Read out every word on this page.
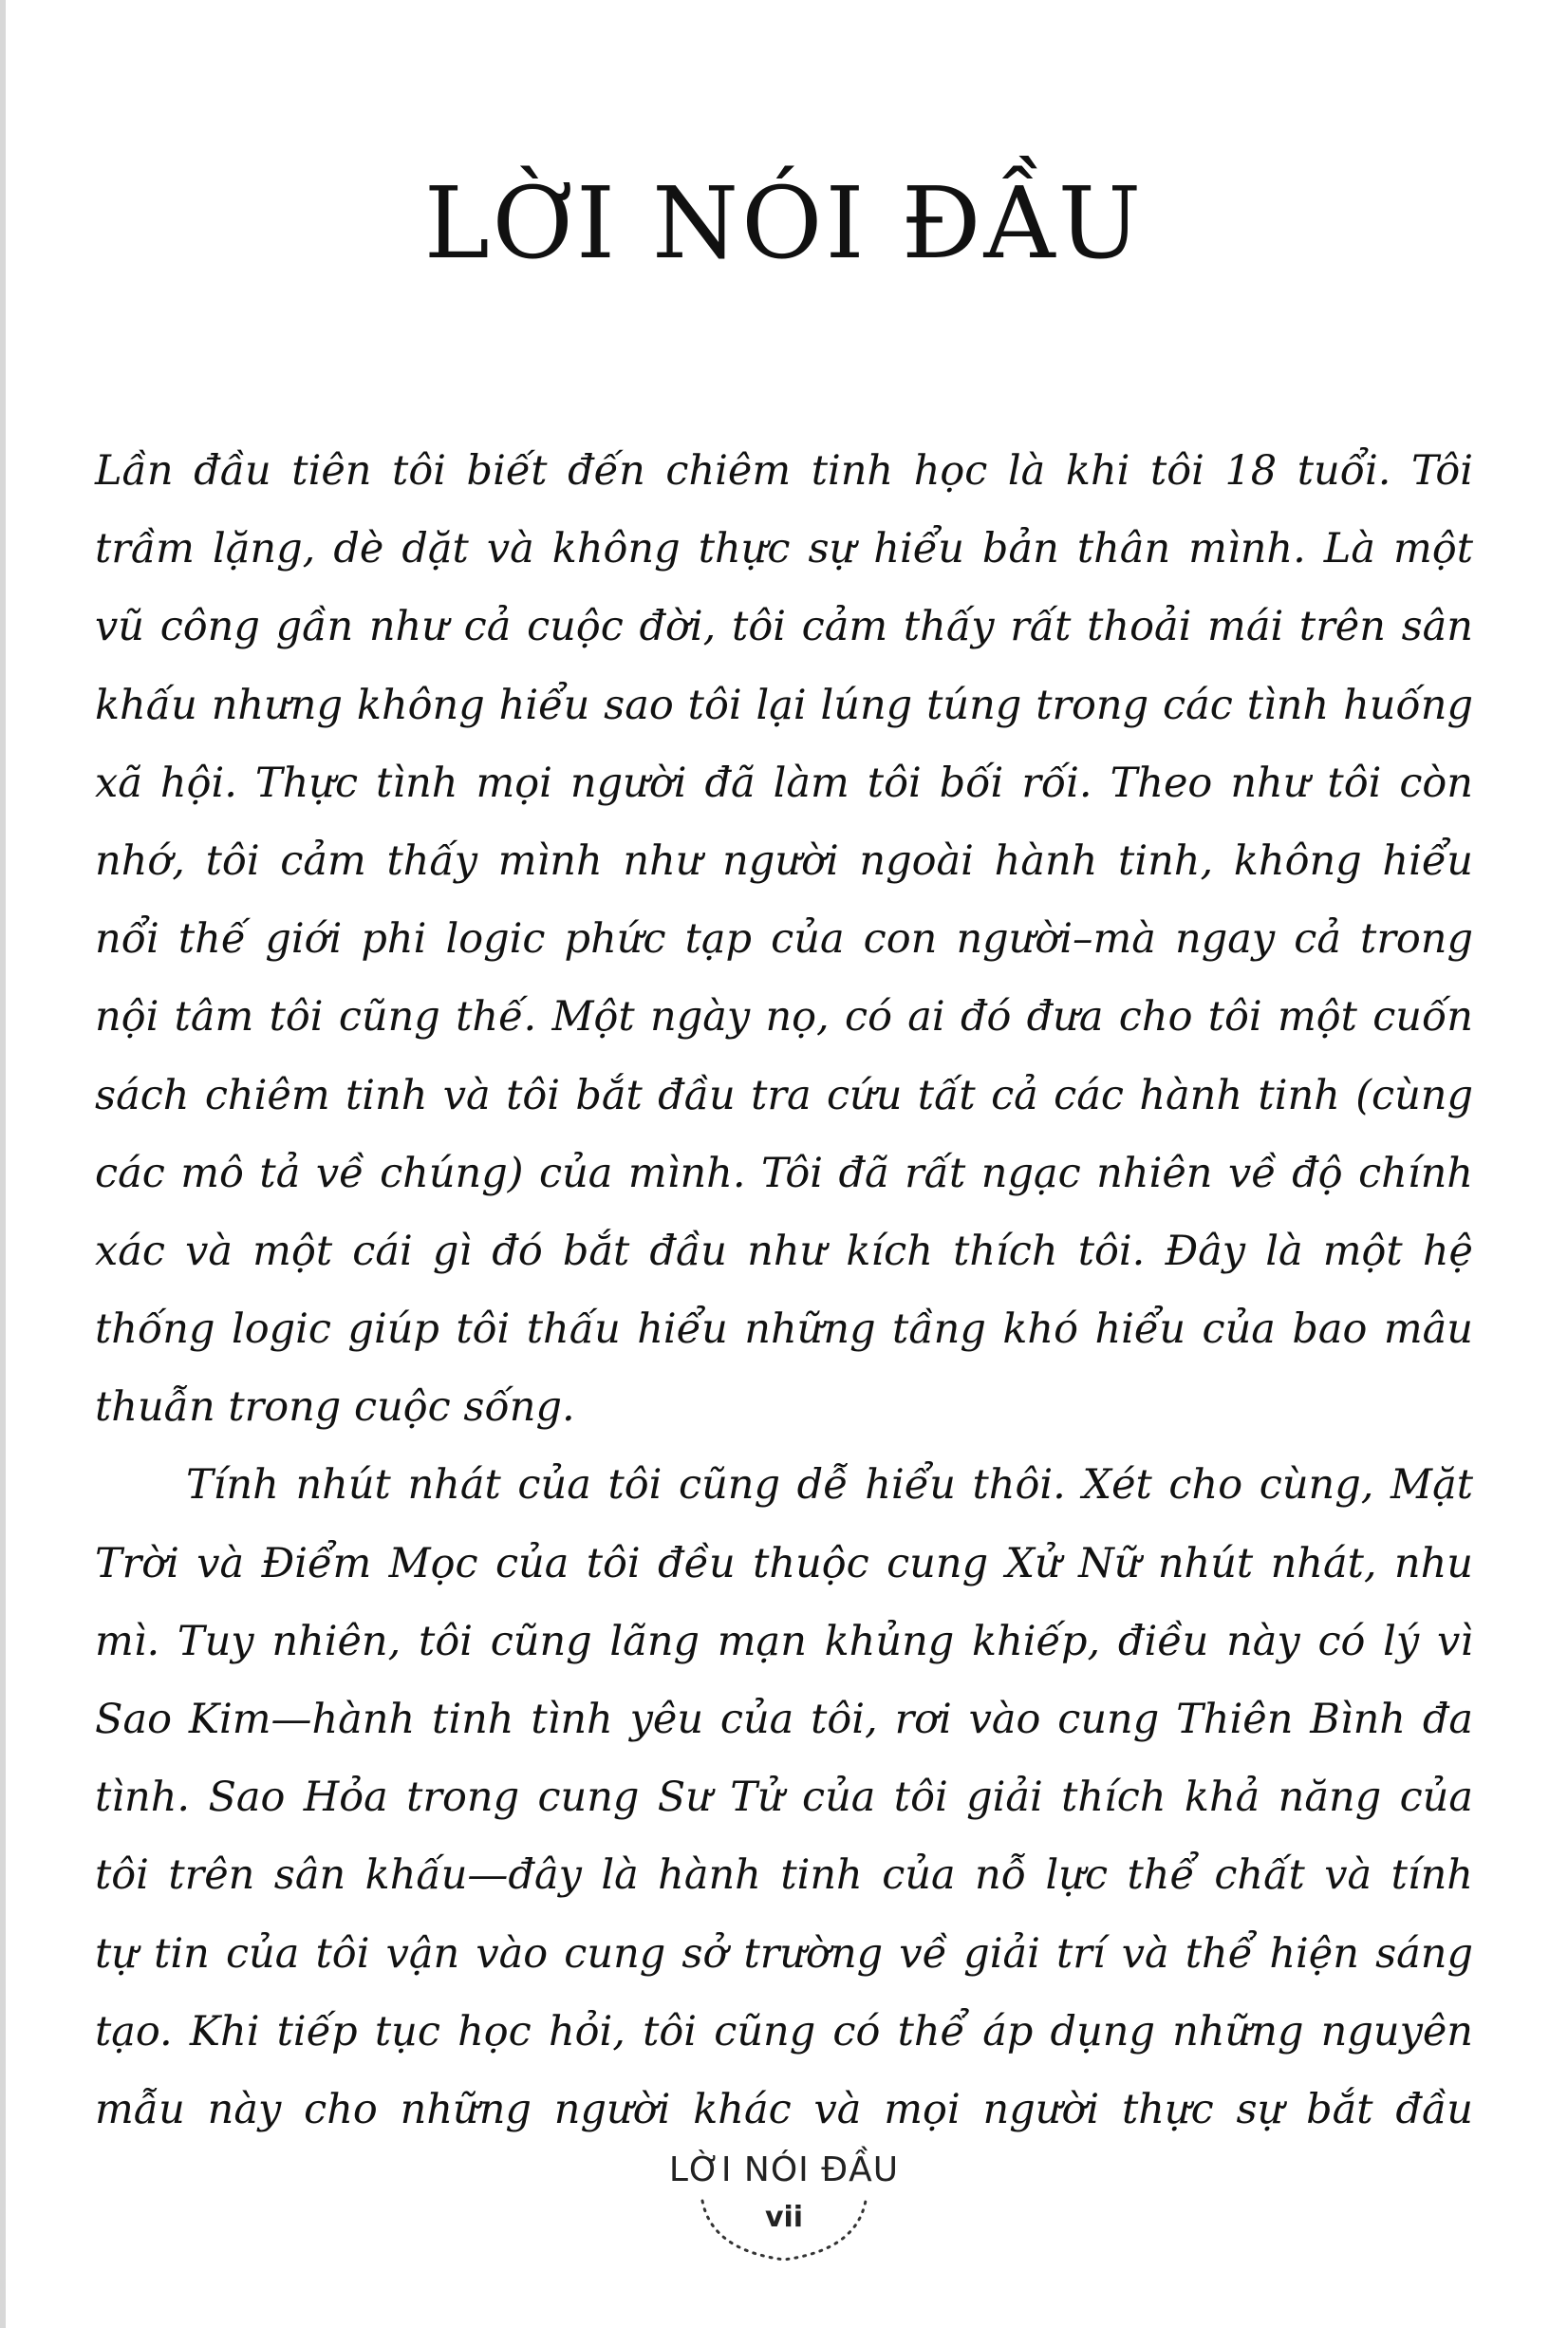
LỜI NÓI ĐẦU

Lần đầu tiên tôi biết đến chiêm tinh học là khi tôi 18 tuổi. Tôi
trầm lặng, dè dặt và không thực sự hiểu bản thân mình. Là một
vũ công gần như cả cuộc đời, tôi cảm thấy rất thoải mái trên sân
khấu nhưng không hiểu sao tôi lại lúng túng trong các tình huống
xã hội. Thực tình mọi người đã làm tôi bối rối. Theo như tôi còn
nhớ, tôi cảm thấy mình như người ngoài hành tinh, không hiểu
nổi thế giới phi logic phức tạp của con người–mà ngay cả trong
nội tâm tôi cũng thế. Một ngày nọ, có ai đó đưa cho tôi một cuốn
sách chiêm tinh và tôi bắt đầu tra cứu tất cả các hành tinh (cùng
các mô tả về chúng) của mình. Tôi đã rất ngạc nhiên về độ chính
xác và một cái gì đó bắt đầu như kích thích tôi. Đây là một hệ
thống logic giúp tôi thấu hiểu những tầng khó hiểu của bao mâu
thuẫn trong cuộc sống.

Tính nhút nhát của tôi cũng dễ hiểu thôi. Xét cho cùng, Mặt
Trời và Điểm Mọc của tôi đều thuộc cung Xử Nữ nhút nhát, nhu
mì. Tuy nhiên, tôi cũng lãng mạn khủng khiếp, điều này có lý vì
Sao Kim—hành tinh tình yêu của tôi, rơi vào cung Thiên Bình đa
tình. Sao Hỏa trong cung Sư Tử của tôi giải thích khả năng của
tôi trên sân khấu—đây là hành tinh của nỗ lực thể chất và tính
tự tin của tôi vận vào cung sở trường về giải trí và thể hiện sáng
tạo. Khi tiếp tục học hỏi, tôi cũng có thể áp dụng những nguyên
mẫu này cho những người khác và mọi người thực sự bắt đầu

LỜI NÓI ĐẦU
vii
